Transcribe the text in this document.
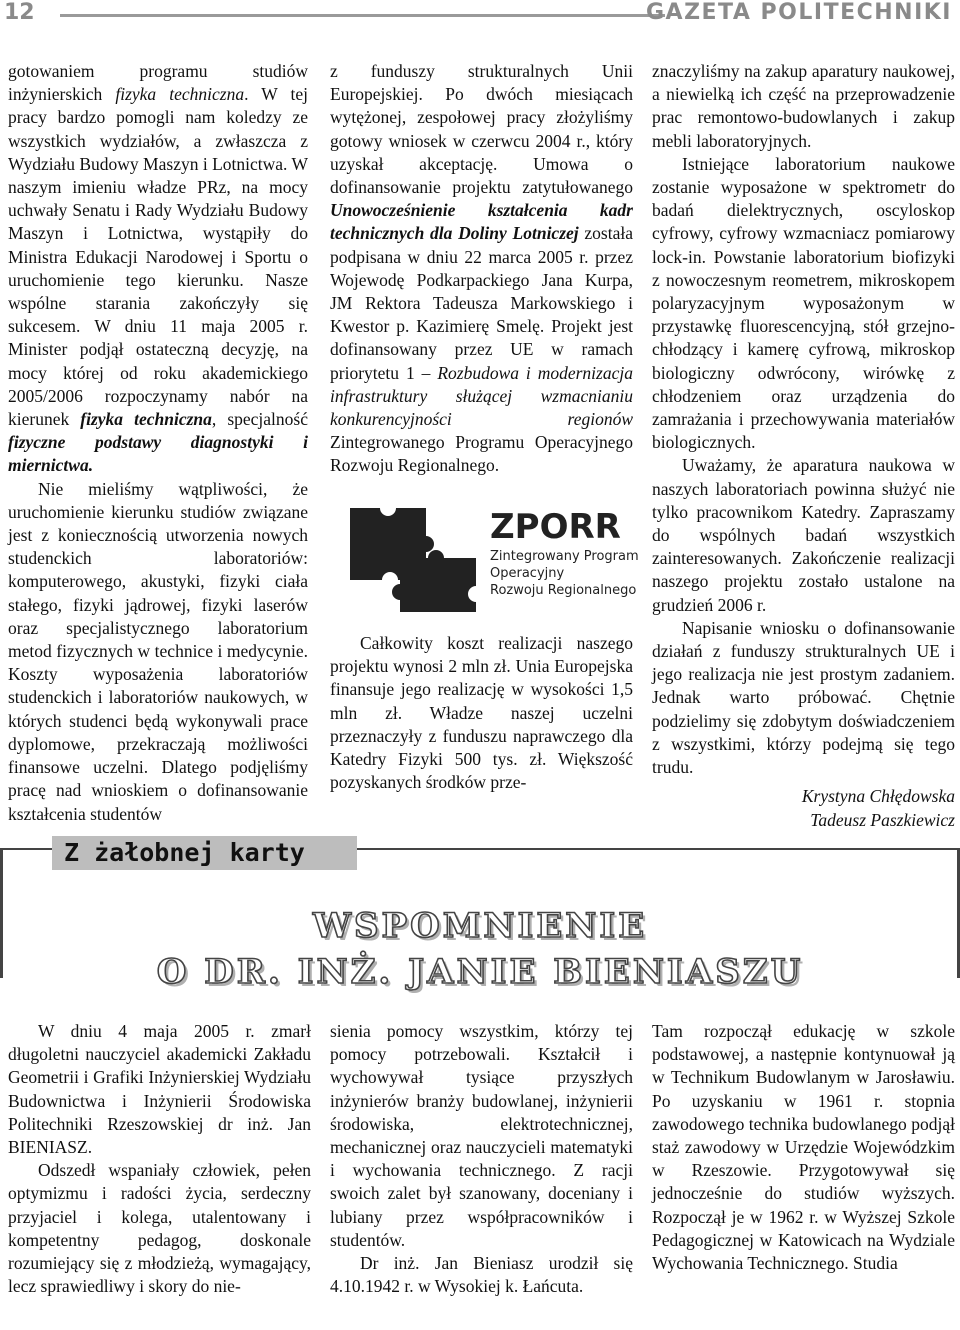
12	GAZETA POLITECHNIKI

gotowaniem programu studiów inżynierskich fizyka techniczna. W tej pracy bardzo pomogli nam koledzy ze wszystkich wydziałów, a zwłaszcza z Wydziału Budowy Maszyn i Lotnictwa. W naszym imieniu władze PRz, na mocy uchwały Senatu i Rady Wydziału Budowy Maszyn i Lotnictwa, wystąpiły do Ministra Edukacji Narodowej i Sportu o uruchomienie tego kierunku. Nasze wspólne starania zakończyły się sukcesem. W dniu 11 maja 2005 r. Minister podjął ostateczną decyzję, na mocy której od roku akademickiego 2005/2006 rozpoczynamy nabór na kierunek fizyka techniczna, specjalność fizyczne podstawy diagnostyki i miernictwa.

Nie mieliśmy wątpliwości, że uruchomienie kierunku studiów związane jest z koniecznością utworzenia nowych studenckich laboratoriów: komputerowego, akustyki, fizyki ciała stałego, fizyki jądrowej, fizyki laserów oraz specjalistycznego laboratorium metod fizycznych w technice i medycynie. Koszty wyposażenia laboratoriów studenckich i laboratoriów naukowych, w których studenci będą wykonywali prace dyplomowe, przekraczają możliwości finansowe uczelni. Dlatego podjęliśmy pracę nad wnioskiem o dofinansowanie kształcenia studentów

z funduszy strukturalnych Unii Europejskiej. Po dwóch miesiącach wytężonej, zespołowej pracy złożyliśmy gotowy wniosek w czerwcu 2004 r., który uzyskał akceptację. Umowa o dofinansowanie projektu zatytułowanego Unowocześnienie kształcenia kadr technicznych dla Doliny Lotniczej została podpisana w dniu 22 marca 2005 r. przez Wojewodę Podkarpackiego Jana Kurpa, JM Rektora Tadeusza Markowskiego i Kwestor p. Kazimierę Smelę. Projekt jest dofinansowany przez UE w ramach priorytetu 1 – Rozbudowa i modernizacja infrastruktury służącej wzmacnianiu konkurencyjności regionów Zintegrowanego Programu Operacyjnego Rozwoju Regionalnego.

ZPORR
Zintegrowany Program
Operacyjny
Rozwoju Regionalnego

Całkowity koszt realizacji naszego projektu wynosi 2 mln zł. Unia Europejska finansuje jego realizację w wysokości 1,5 mln zł. Władze naszej uczelni przeznaczyły z funduszu naprawczego dla Katedry Fizyki 500 tys. zł. Większość pozyskanych środków prze-

znaczyliśmy na zakup aparatury naukowej, a niewielką ich część na przeprowadzenie prac remontowo-budowlanych i zakup mebli laboratoryjnych.

Istniejące laboratorium naukowe zostanie wyposażone w spektrometr do badań dielektrycznych, oscyloskop cyfrowy, cyfrowy wzmacniacz pomiarowy lock-in. Powstanie laboratorium biofizyki z nowoczesnym reometrem, mikroskopem polaryzacyjnym wyposażonym w przystawkę fluorescencyjną, stół grzejno-chłodzący i kamerę cyfrową, mikroskop biologiczny odwrócony, wirówkę z chłodzeniem oraz urządzenia do zamrażania i przechowywania materiałów biologicznych.

Uważamy, że aparatura naukowa w naszych laboratoriach powinna służyć nie tylko pracownikom Katedry. Zapraszamy do wspólnych badań wszystkich zainteresowanych. Zakończenie realizacji naszego projektu zostało ustalone na grudzień 2006 r.

Napisanie wniosku o dofinansowanie działań z funduszy strukturalnych UE i jego realizacja nie jest prostym zadaniem. Jednak warto próbować. Chętnie podzielimy się zdobytym doświadczeniem z wszystkimi, którzy podejmą się tego trudu.

Krystyna Chłędowska

Tadeusz Paszkiewicz

Z żałobnej karty
WSPOMNIENIE
O DR. INŻ. JANIE BIENIASZU

W dniu 4 maja 2005 r. zmarł długoletni nauczyciel akademicki Zakładu Geometrii i Grafiki Inżynierskiej Wydziału Budownictwa i Inżynierii Środowiska Politechniki Rzeszowskiej dr inż. Jan BIENIASZ.

Odszedł wspaniały człowiek, pełen optymizmu i radości życia, serdeczny przyjaciel i kolega, utalentowany i kompetentny pedagog, doskonale rozumiejący się z młodzieżą, wymagający, lecz sprawiedliwy i skory do nie-

sienia pomocy wszystkim, którzy tej pomocy potrzebowali. Kształcił i wychowywał tysiące przyszłych inżynierów branży budowlanej, inżynierii środowiska, elektrotechnicznej, mechanicznej oraz nauczycieli matematyki i wychowania technicznego. Z racji swoich zalet był szanowany, doceniany i lubiany przez współpracowników i studentów.

Dr inż. Jan Bieniasz urodził się 4.10.1942 r. w Wysokiej k. Łańcuta.

Tam rozpoczął edukację w szkole podstawowej, a następnie kontynuował ją w Technikum Budowlanym w Jarosławiu. Po uzyskaniu w 1961 r. stopnia zawodowego technika budowlanego podjął staż zawodowy w Urzędzie Wojewódzkim w Rzeszowie. Przygotowywał się jednocześnie do studiów wyższych. Rozpoczął je w 1962 r. w Wyższej Szkole Pedagogicznej w Katowicach na Wydziale Wychowania Technicznego. Studia
